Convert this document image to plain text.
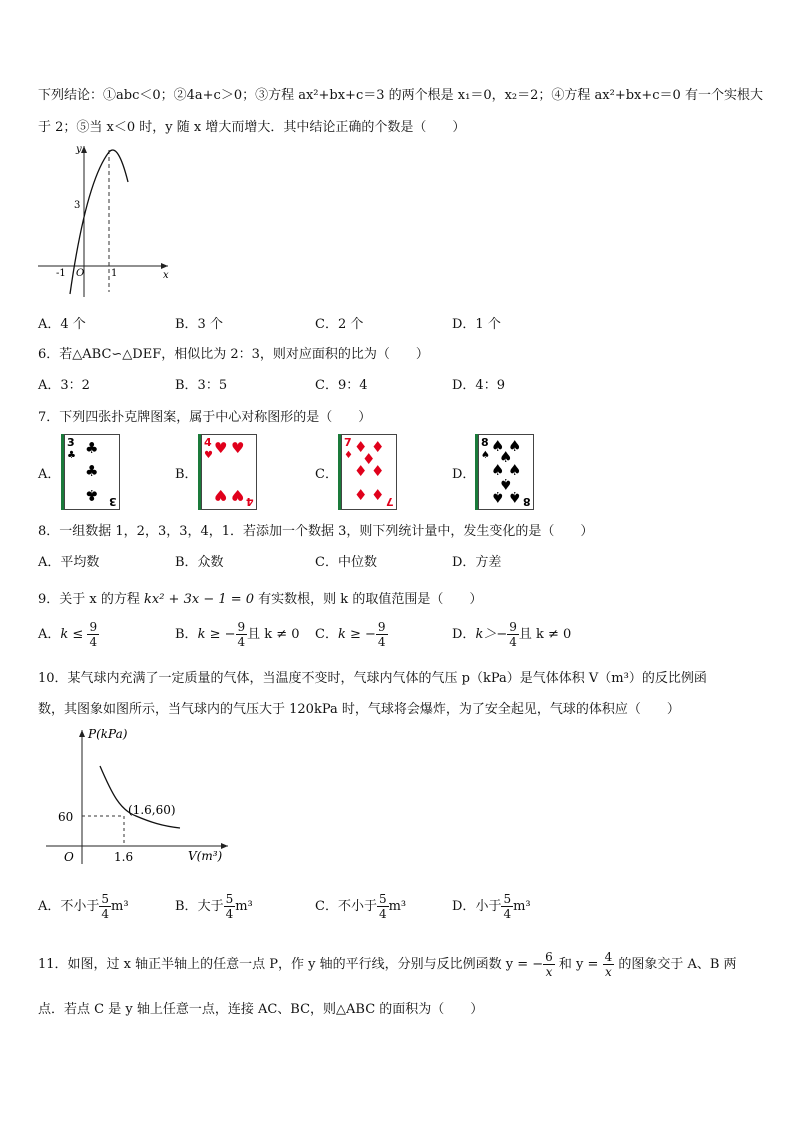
下列结论：①abc＜0；②4a+c＞0；③方程 ax²+bx+c＝3 的两个根是 x₁＝0，x₂＝2；④方程 ax²+bx+c＝0 有一个实根大
于 2；⑤当 x＜0 时，y 随 x 增大而增大．其中结论正确的个数是（　　）
y
x
3
-1 O	1
A．4 个	B．3 个	C．2 个	D．1 个
6．若△ABC∽△DEF，相似比为 2：3，则对应面积的比为（　　）
A．3：2	B．3：5	C．9：4	D．4：9
7．下列四张扑克牌图案，属于中心对称图形的是（　　）
A．
3
♣ ♣
♣
♣ 3
B．
4
♥ ♥ ♥
♥ ♥ 4
C．
7
♦ ♦ ♦
♦
♦ ♦
♦ ♦ 7
D．
8
♠
♠ ♠
♠
♠ ♠
♠
♠ ♠ 8
8．一组数据 1，2，3，3，4，1．若添加一个数据 3，则下列统计量中，发生变化的是（　　）
A．平均数	B．众数	C．中位数	D．方差
9．关于 x 的方程 kx² + 3x − 1 = 0 有实数根，则 k 的取值范围是（　　）
A．$k \le \frac{9}{4}$	B．k ≥ − $\frac{9}{4}$ 且 k ≠ 0 C．k ≥ − $\frac{9}{4}$	D．$k>- \frac{9}{4}$ 且 k ≠ 0
10．某气球内充满了一定质量的气体，当温度不变时，气球内气体的气压 p（kPa）是气体体积 V（m³）的反比例函
数，其图象如图所示，当气球内的气压大于 120kPa 时，气球将会爆炸，为了安全起见，气球的体积应（　　）
P(kPa)
V(m³)
(1.6,60)
60
1.6
O
A．不小于 $\frac{5}{4} m^3$	B．大于 $\frac{5}{4} m^3$	C．不小于 $\frac{5}{4} m^3$	D．小于 $\frac{5}{4} m^3$
11．如图，过 x 轴正半轴上的任意一点 P，作 y 轴的平行线，分别与反比例函数 y = − $\frac{6}{x}$ 和 $y = \frac{4}{x}$ 的图象交于 A、B 两
点．若点 C 是 y 轴上任意一点，连接 AC、BC，则△ABC 的面积为（　　）
